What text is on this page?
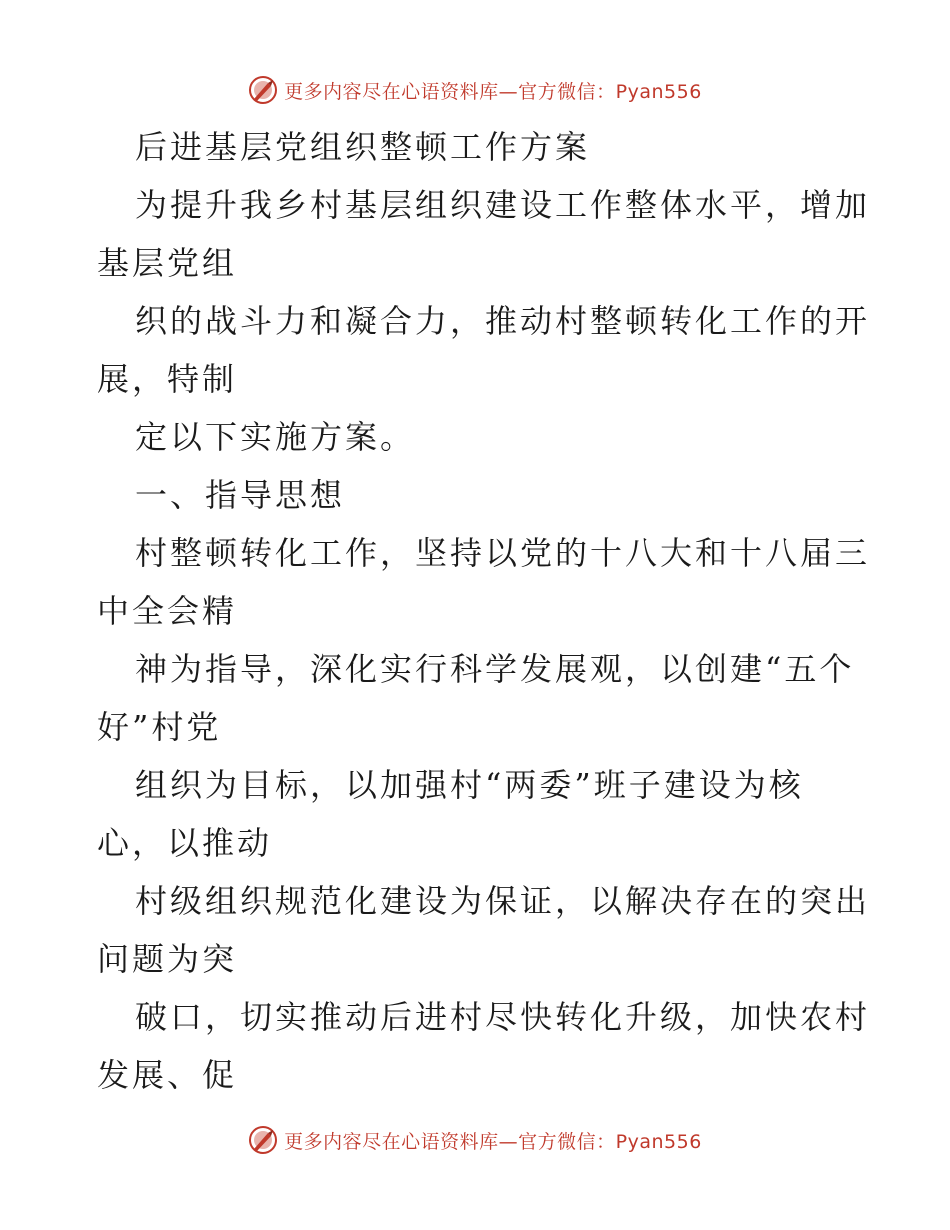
更多内容尽在心语资料库—官方微信：Pyan556
后进基层党组织整顿工作方案
为提升我乡村基层组织建设工作整体水平，增加
基层党组
织的战斗力和凝合力，推动村整顿转化工作的开
展，特制
定以下实施方案。
一、指导思想
村整顿转化工作，坚持以党的十八大和十八届三
中全会精
神为指导，深化实行科学发展观，以创建“五个
好”村党
组织为目标，以加强村“两委”班子建设为核
心，以推动
村级组织规范化建设为保证，以解决存在的突出
问题为突
破口，切实推动后进村尽快转化升级，加快农村
发展、促
更多内容尽在心语资料库—官方微信：Pyan556
